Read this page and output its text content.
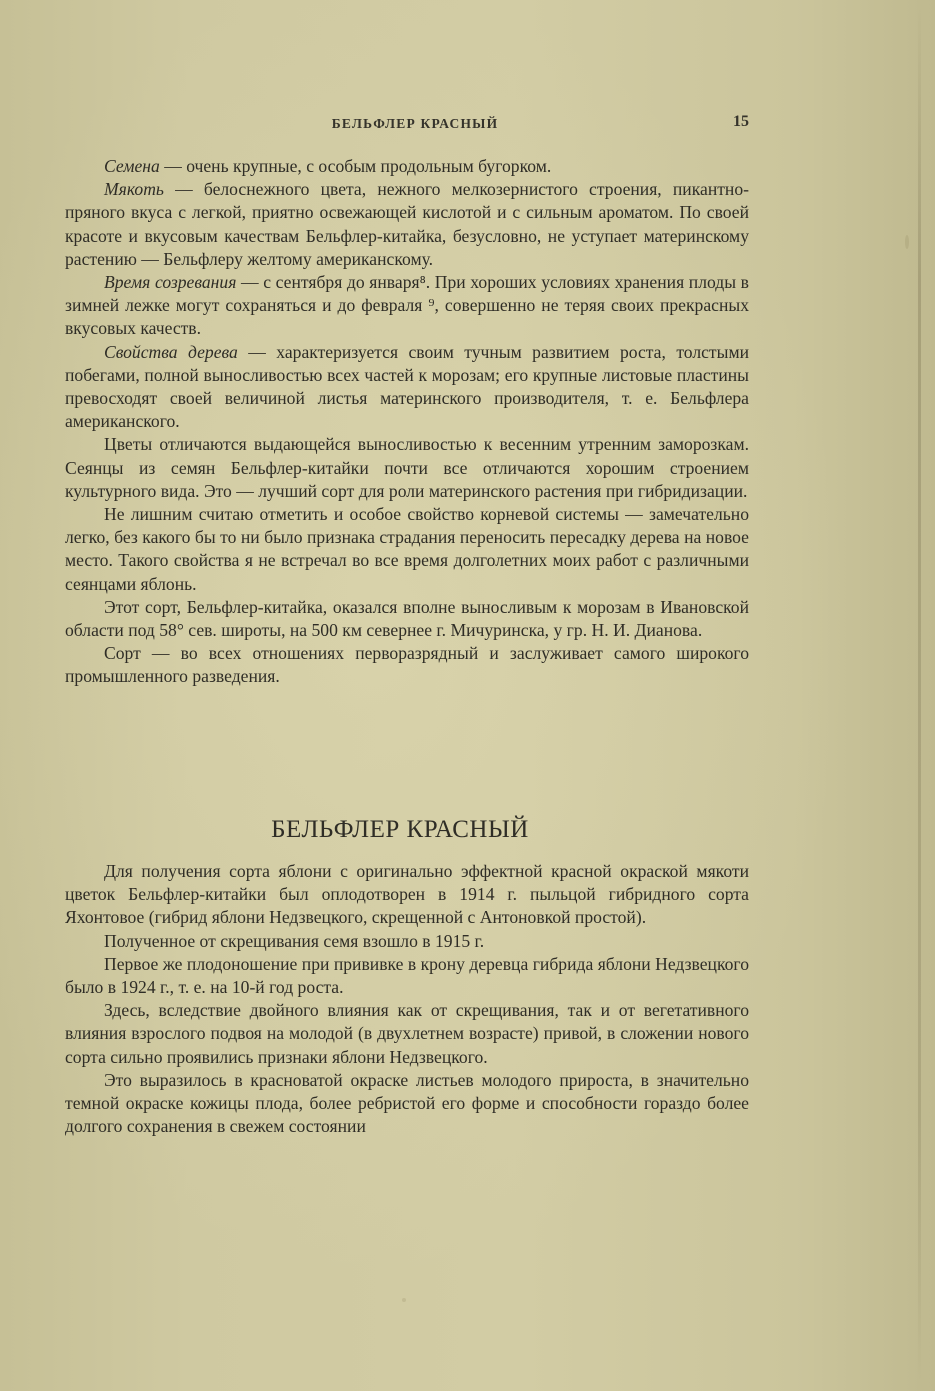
БЕЛЬФЛЕР КРАСНЫЙ	15

Семена — очень крупные, с особым продольным бугорком.

Мякоть — белоснежного цвета, нежного мелкозернистого строения, пикантно-пряного вкуса с легкой, приятно освежающей кислотой и с сильным ароматом. По своей красоте и вкусовым качествам Бельфлер-китайка, безусловно, не уступает материнскому растению — Бельфлеру желтому американскому.

Время созревания — с сентября до января⁸. При хороших условиях хранения плоды в зимней лежке могут сохраняться и до февраля ⁹, совершенно не теряя своих прекрасных вкусовых качеств.

Свойства дерева — характеризуется своим тучным развитием роста, толстыми побегами, полной выносливостью всех частей к морозам; его крупные листовые пластины превосходят своей величиной листья материнского производителя, т. е. Бельфлера американского.

Цветы отличаются выдающейся выносливостью к весенним утренним заморозкам. Сеянцы из семян Бельфлер-китайки почти все отличаются хорошим строением культурного вида. Это — лучший сорт для роли материнского растения при гибридизации.

Не лишним считаю отметить и особое свойство корневой системы — замечательно легко, без какого бы то ни было признака страдания переносить пересадку дерева на новое место. Такого свойства я не встречал во все время долголетних моих работ с различными сеянцами яблонь.

Этот сорт, Бельфлер-китайка, оказался вполне выносливым к морозам в Ивановской области под 58° сев. широты, на 500 км севернее г. Мичуринска, у гр. Н. И. Дианова.

Сорт — во всех отношениях первоpазрядный и заслуживает самого широкого промышленного разведения.

БЕЛЬФЛЕР КРАСНЫЙ

Для получения сорта яблони с оригинально эффектной красной окраской мякоти цветок Бельфлер-китайки был оплодотворен в 1914 г. пыльцой гибридного сорта Яхонтовое (гибрид яблони Недзвецкого, скрещенной с Антоновкой простой).

Полученное от скрещивания семя взошло в 1915 г.

Первое же плодоношение при прививке в крону деревца гибрида яблони Недзвецкого было в 1924 г., т. е. на 10-й год роста.

Здесь, вследствие двойного влияния как от скрещивания, так и от вегетативного влияния взрослого подвоя на молодой (в двухлетнем возрасте) привой, в сложении нового сорта сильно проявились признаки яблони Недзвецкого.

Это выразилось в красноватой окраске листьев молодого прироста, в значительно темной окраске кожицы плода, более ребристой его форме и способности гораздо более долгого сохранения в свежем состоянии
